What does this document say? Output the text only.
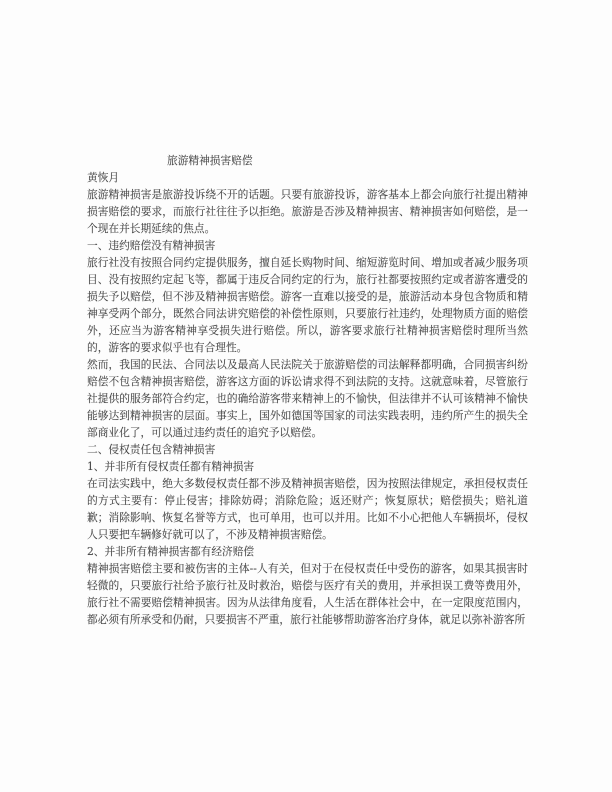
旅游精神损害赔偿
黄恢月

旅游精神损害是旅游投诉绕不开的话题。只要有旅游投诉，游客基本上都会向旅行社提出精神损害赔偿的要求，而旅行社往往予以拒绝。旅游是否涉及精神损害、精神损害如何赔偿，是一个现在并长期延续的焦点。

一、违约赔偿没有精神损害

旅行社没有按照合同约定提供服务，擅自延长购物时间、缩短游览时间、增加或者减少服务项目、没有按照约定起飞等，都属于违反合同约定的行为，旅行社都要按照约定或者游客遭受的损失予以赔偿，但不涉及精神损害赔偿。游客一直难以接受的是，旅游活动本身包含物质和精神享受两个部分，既然合同法讲究赔偿的补偿性原则，只要旅行社违约，处理物质方面的赔偿外，还应当为游客精神享受损失进行赔偿。所以，游客要求旅行社精神损害赔偿时理所当然的，游客的要求似乎也有合理性。

然而，我国的民法、合同法以及最高人民法院关于旅游赔偿的司法解释都明确，合同损害纠纷赔偿不包含精神损害赔偿，游客这方面的诉讼请求得不到法院的支持。这就意味着，尽管旅行社提供的服务部符合约定，也的确给游客带来精神上的不愉快，但法律并不认可该精神不愉快能够达到精神损害的层面。事实上，国外如德国等国家的司法实践表明，违约所产生的损失全部商业化了，可以通过违约责任的追究予以赔偿。

二、侵权责任包含精神损害
1、并非所有侵权责任都有精神损害

在司法实践中，绝大多数侵权责任都不涉及精神损害赔偿，因为按照法律规定，承担侵权责任的方式主要有：停止侵害；排除妨碍；消除危险；返还财产；恢复原状；赔偿损失；赔礼道歉；消除影响、恢复名誉等方式，也可单用，也可以并用。比如不小心把他人车辆损坏，侵权人只要把车辆修好就可以了，不涉及精神损害赔偿。

2、并非所有精神损害都有经济赔偿

精神损害赔偿主要和被伤害的主体--人有关，但对于在侵权责任中受伤的游客，如果其损害时轻微的，只要旅行社给予旅行社及时救治，赔偿与医疗有关的费用，并承担误工费等费用外，旅行社不需要赔偿精神损害。因为从法律角度看，人生活在群体社会中，在一定限度范围内，都必须有所承受和仍耐，只要损害不严重，旅行社能够帮助游客治疗身体，就足以弥补游客所
